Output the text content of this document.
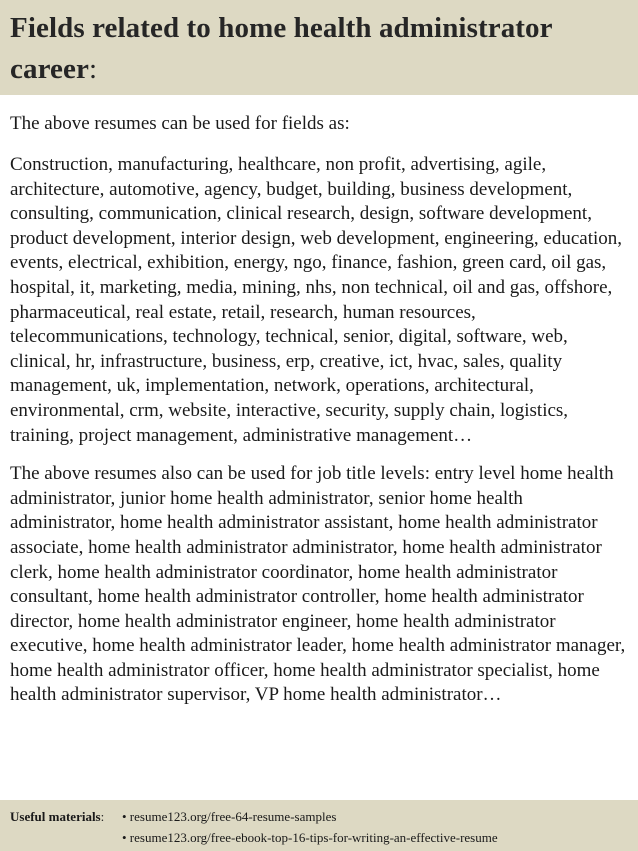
Fields related to home health administrator career:

The above resumes can be used for fields as:

Construction, manufacturing, healthcare, non profit, advertising, agile, architecture, automotive, agency, budget, building, business development, consulting, communication, clinical research, design, software development, product development, interior design, web development, engineering, education, events, electrical, exhibition, energy, ngo, finance, fashion, green card, oil gas, hospital, it, marketing, media, mining, nhs, non technical, oil and gas, offshore, pharmaceutical, real estate, retail, research, human resources, telecommunications, technology, technical, senior, digital, software, web, clinical, hr, infrastructure, business, erp, creative, ict, hvac, sales, quality management, uk, implementation, network, operations, architectural, environmental, crm, website, interactive, security, supply chain, logistics, training, project management, administrative management…

The above resumes also can be used for job title levels: entry level home health administrator, junior home health administrator, senior home health administrator, home health administrator assistant, home health administrator associate, home health administrator administrator, home health administrator clerk, home health administrator coordinator, home health administrator consultant, home health administrator controller, home health administrator director, home health administrator engineer, home health administrator executive, home health administrator leader, home health administrator manager, home health administrator officer, home health administrator specialist, home health administrator supervisor, VP home health administrator…

Useful materials:	• resume123.org/free-64-resume-samples
• resume123.org/free-ebook-top-16-tips-for-writing-an-effective-resume
